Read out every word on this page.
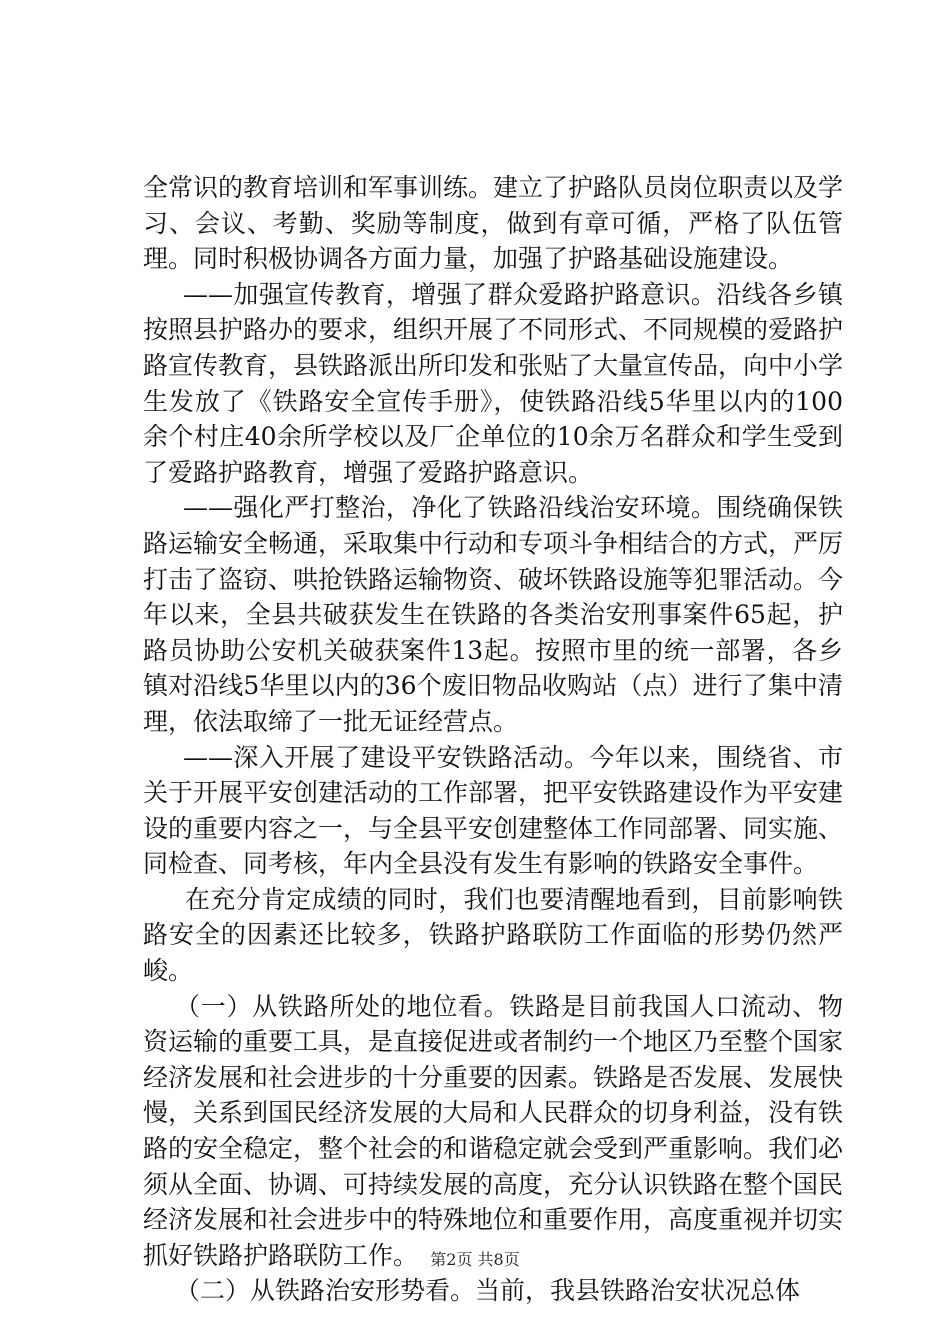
全常识的教育培训和军事训练。建立了护路队员岗位职责以及学习、会议、考勤、奖励等制度，做到有章可循，严格了队伍管理。同时积极协调各方面力量，加强了护路基础设施建设。

——加强宣传教育，增强了群众爱路护路意识。沿线各乡镇按照县护路办的要求，组织开展了不同形式、不同规模的爱路护路宣传教育，县铁路派出所印发和张贴了大量宣传品，向中小学生发放了《铁路安全宣传手册》，使铁路沿线5华里以内的100余个村庄40余所学校以及厂企单位的10余万名群众和学生受到了爱路护路教育，增强了爱路护路意识。

——强化严打整治，净化了铁路沿线治安环境。围绕确保铁路运输安全畅通，采取集中行动和专项斗争相结合的方式，严厉打击了盗窃、哄抢铁路运输物资、破坏铁路设施等犯罪活动。今年以来，全县共破获发生在铁路的各类治安刑事案件65起，护路员协助公安机关破获案件13起。按照市里的统一部署，各乡镇对沿线5华里以内的36个废旧物品收购站（点）进行了集中清理，依法取缔了一批无证经营点。

——深入开展了建设平安铁路活动。今年以来，围绕省、市关于开展平安创建活动的工作部署，把平安铁路建设作为平安建设的重要内容之一，与全县平安创建整体工作同部署、同实施、同检查、同考核，年内全县没有发生有影响的铁路安全事件。

在充分肯定成绩的同时，我们也要清醒地看到，目前影响铁路安全的因素还比较多，铁路护路联防工作面临的形势仍然严峻。

（一）从铁路所处的地位看。铁路是目前我国人口流动、物资运输的重要工具，是直接促进或者制约一个地区乃至整个国家经济发展和社会进步的十分重要的因素。铁路是否发展、发展快慢，关系到国民经济发展的大局和人民群众的切身利益，没有铁路的安全稳定，整个社会的和谐稳定就会受到严重影响。我们必须从全面、协调、可持续发展的高度，充分认识铁路在整个国民经济发展和社会进步中的特殊地位和重要作用，高度重视并切实抓好铁路护路联防工作。

（二）从铁路治安形势看。当前，我县铁路治安状况总体

第2页 共8页
